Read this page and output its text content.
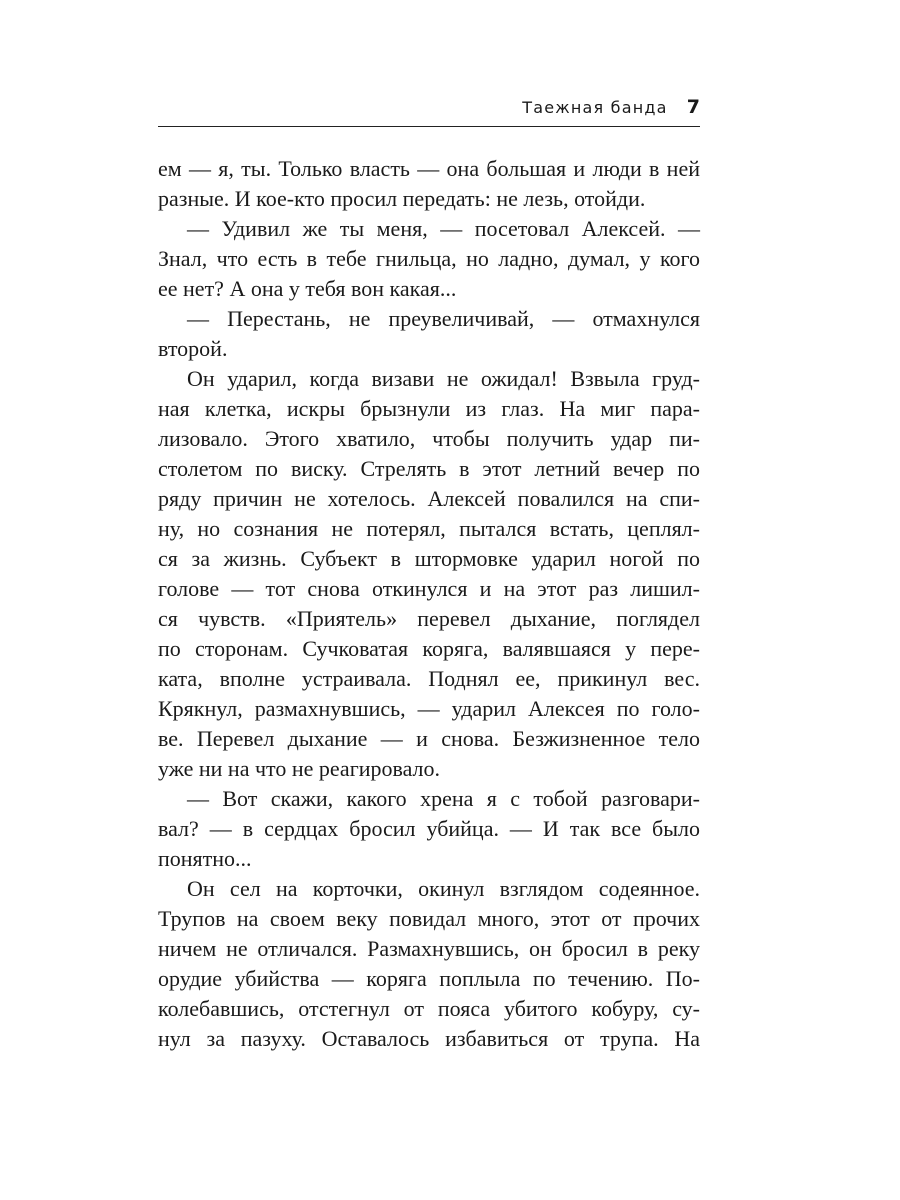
Таежная банда 7
ем — я, ты. Только власть — она большая и люди в ней
разные. И кое-кто просил передать: не лезь, отойди.
— Удивил же ты меня, — посетовал Алексей. —
Знал, что есть в тебе гнильца, но ладно, думал, у кого
ее нет? А она у тебя вон какая...
— Перестань, не преувеличивай, — отмахнулся
второй.
Он ударил, когда визави не ожидал! Взвыла груд-
ная клетка, искры брызнули из глаз. На миг пара-
лизовало. Этого хватило, чтобы получить удар пи-
столетом по виску. Стрелять в этот летний вечер по
ряду причин не хотелось. Алексей повалился на спи-
ну, но сознания не потерял, пытался встать, цеплял-
ся за жизнь. Субъект в штормовке ударил ногой по
голове — тот снова откинулся и на этот раз лишил-
ся чувств. «Приятель» перевел дыхание, поглядел
по сторонам. Сучковатая коряга, валявшаяся у пере-
ката, вполне устраивала. Поднял ее, прикинул вес.
Крякнул, размахнувшись, — ударил Алексея по голо-
ве. Перевел дыхание — и снова. Безжизненное тело
уже ни на что не реагировало.
— Вот скажи, какого хрена я с тобой разговари-
вал? — в сердцах бросил убийца. — И так все было
понятно...
Он сел на корточки, окинул взглядом содеянное.
Трупов на своем веку повидал много, этот от прочих
ничем не отличался. Размахнувшись, он бросил в реку
орудие убийства — коряга поплыла по течению. По-
колебавшись, отстегнул от пояса убитого кобуру, су-
нул за пазуху. Оставалось избавиться от трупа. На
